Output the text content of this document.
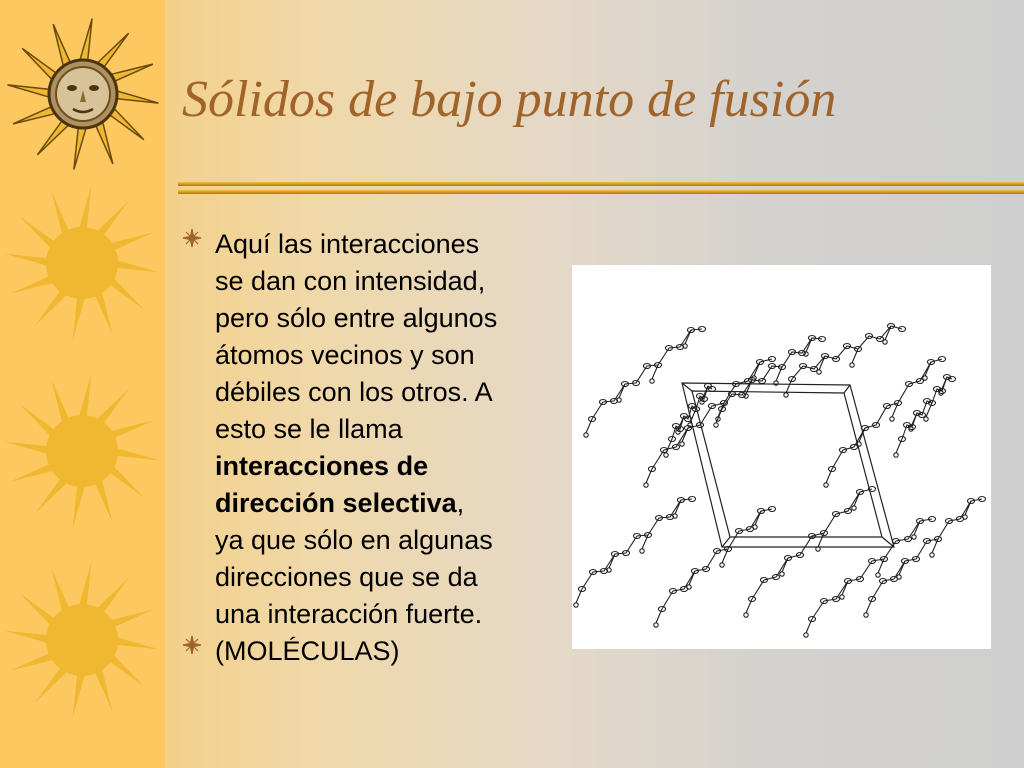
Sólidos de bajo punto de fusión
Aquí las interacciones
se dan con intensidad,
pero sólo entre algunos
átomos vecinos y son
débiles con los otros. A
esto se le llama
interacciones de
dirección selectiva,
ya que sólo en algunas
direcciones que se da
una interacción fuerte.
(MOLÉCULAS)
